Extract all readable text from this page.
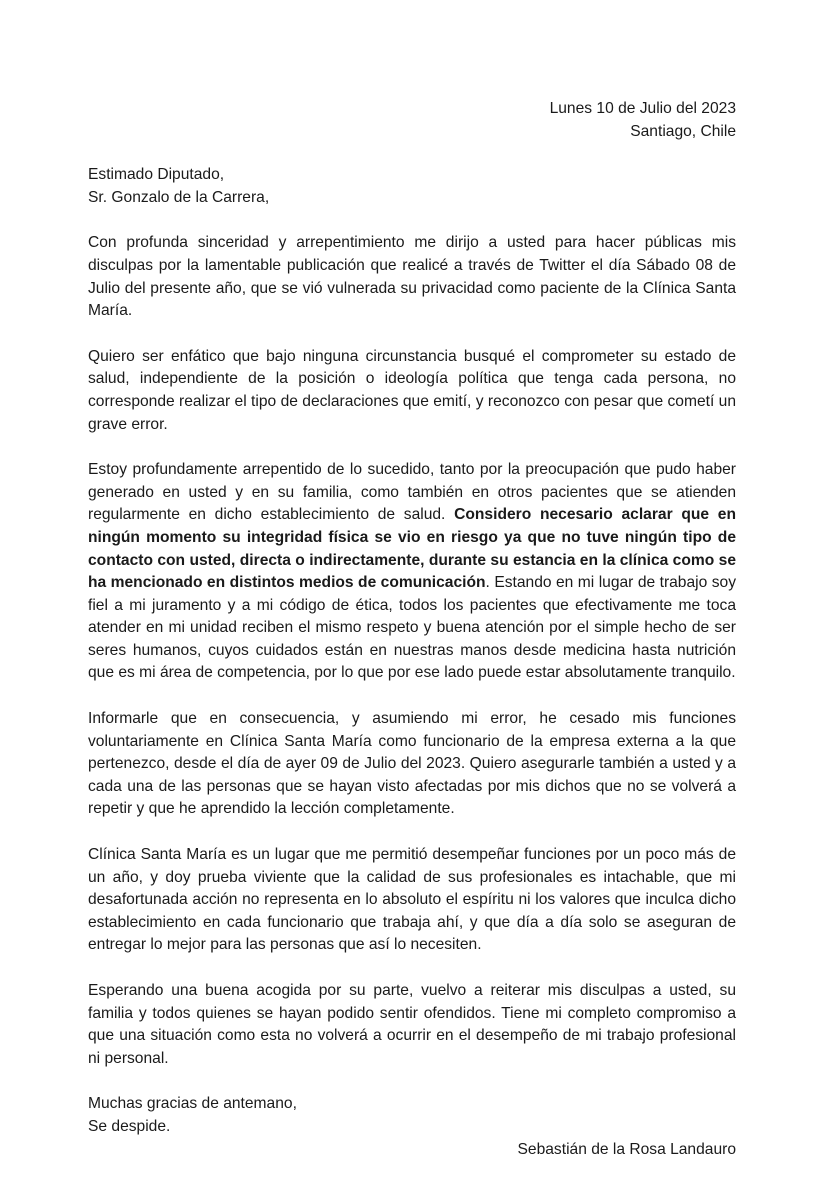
Lunes 10 de Julio del 2023
Santiago, Chile
Estimado Diputado,
Sr. Gonzalo de la Carrera,

Con profunda sinceridad y arrepentimiento me dirijo a usted para hacer públicas mis disculpas por la lamentable publicación que realicé a través de Twitter el día Sábado 08 de Julio del presente año, que se vió vulnerada su privacidad como paciente de la Clínica Santa María.

Quiero ser enfático que bajo ninguna circunstancia busqué el comprometer su estado de salud, independiente de la posición o ideología política que tenga cada persona, no corresponde realizar el tipo de declaraciones que emití, y reconozco con pesar que cometí un grave error.

Estoy profundamente arrepentido de lo sucedido, tanto por la preocupación que pudo haber generado en usted y en su familia, como también en otros pacientes que se atienden regularmente en dicho establecimiento de salud. Considero necesario aclarar que en ningún momento su integridad física se vio en riesgo ya que no tuve ningún tipo de contacto con usted, directa o indirectamente, durante su estancia en la clínica como se ha mencionado en distintos medios de comunicación. Estando en mi lugar de trabajo soy fiel a mi juramento y a mi código de ética, todos los pacientes que efectivamente me toca atender en mi unidad reciben el mismo respeto y buena atención por el simple hecho de ser seres humanos, cuyos cuidados están en nuestras manos desde medicina hasta nutrición que es mi área de competencia, por lo que por ese lado puede estar absolutamente tranquilo.

Informarle que en consecuencia, y asumiendo mi error, he cesado mis funciones voluntariamente en Clínica Santa María como funcionario de la empresa externa a la que pertenezco, desde el día de ayer 09 de Julio del 2023. Quiero asegurarle también a usted y a cada una de las personas que se hayan visto afectadas por mis dichos que no se volverá a repetir y que he aprendido la lección completamente.

Clínica Santa María es un lugar que me permitió desempeñar funciones por un poco más de un año, y doy prueba viviente que la calidad de sus profesionales es intachable, que mi desafortunada acción no representa en lo absoluto el espíritu ni los valores que inculca dicho establecimiento en cada funcionario que trabaja ahí, y que día a día solo se aseguran de entregar lo mejor para las personas que así lo necesiten.

Esperando una buena acogida por su parte, vuelvo a reiterar mis disculpas a usted, su familia y todos quienes se hayan podido sentir ofendidos. Tiene mi completo compromiso a que una situación como esta no volverá a ocurrir en el desempeño de mi trabajo profesional ni personal.

Muchas gracias de antemano,
Se despide.
Sebastián de la Rosa Landauro
